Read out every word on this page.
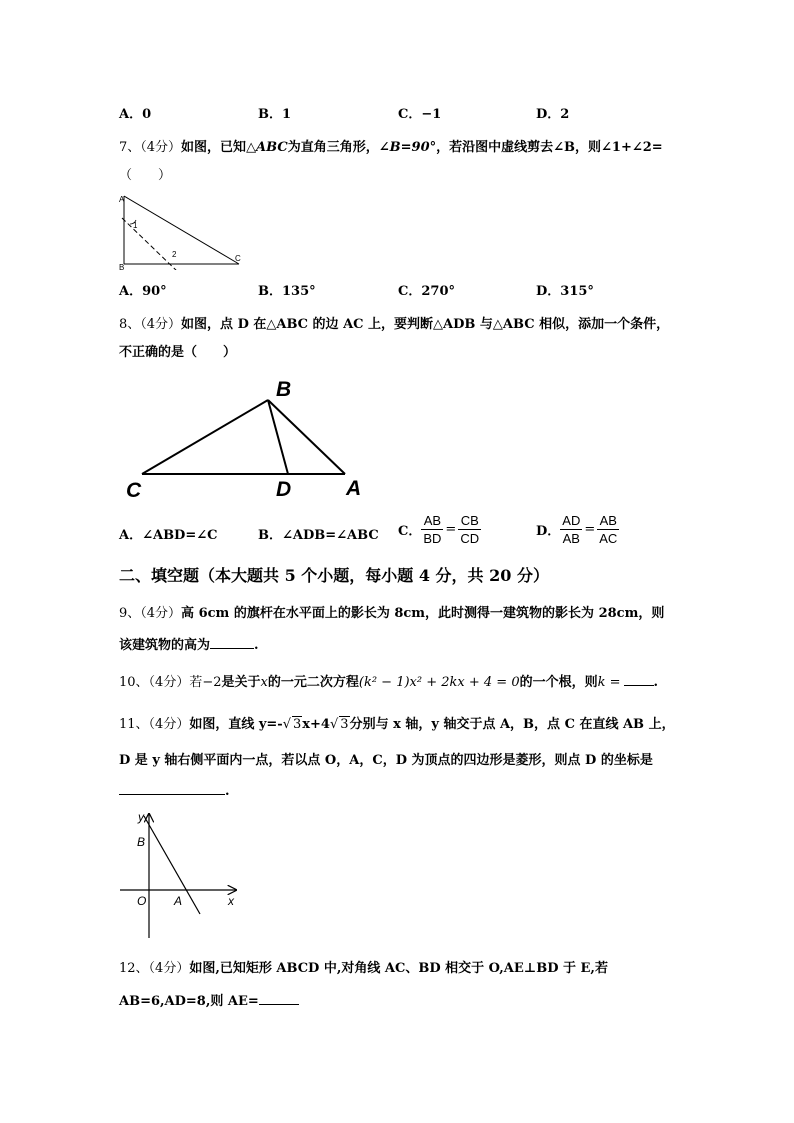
A．0	B．1	C．−1	D．2
7、（4分）如图，已知△ABC为直角三角形，∠B=90°，若沿图中虚线剪去∠B，则∠1+∠2=
（　　）
A
B
C
1
2
A．90°	B．135°	C．270°	D．315°
8、（4分）如图，点 D 在△ABC 的边 AC 上，要判断△ADB 与△ABC 相似，添加一个条件，
不正确的是（　　）
B
C	D	A
A．∠ABD=∠C	B．∠ADB=∠ABC C． $\frac{AB}{BD} = \frac{CB}{CD}$	D． $\frac{AD}{AB} = \frac{AB}{AC}$
二、填空题（本大题共 5 个小题，每小题 4 分，共 20 分）
9、（4分）高 6cm 的旗杆在水平面上的影长为 8cm，此时测得一建筑物的影长为 28cm，则
该建筑物的高为	.
10、（4分）若−2是关于x的一元二次方程(k² − 1)x² + 2kx + 4 = 0的一个根，则k =	.
11、（4分）如图，直线 y=-√ 3x+4√ 3分别与 x 轴，y 轴交于点 A，B，点 C 在直线 AB 上，
D 是 y 轴右侧平面内一点，若以点 O，A，C，D 为顶点的四边形是菱形，则点 D 的坐标是
.
y
B
O A	x
12、（4分）如图,已知矩形 ABCD 中,对角线 AC、BD 相交于 O,AE⊥BD 于 E,若
AB=6,AD=8,则 AE=
